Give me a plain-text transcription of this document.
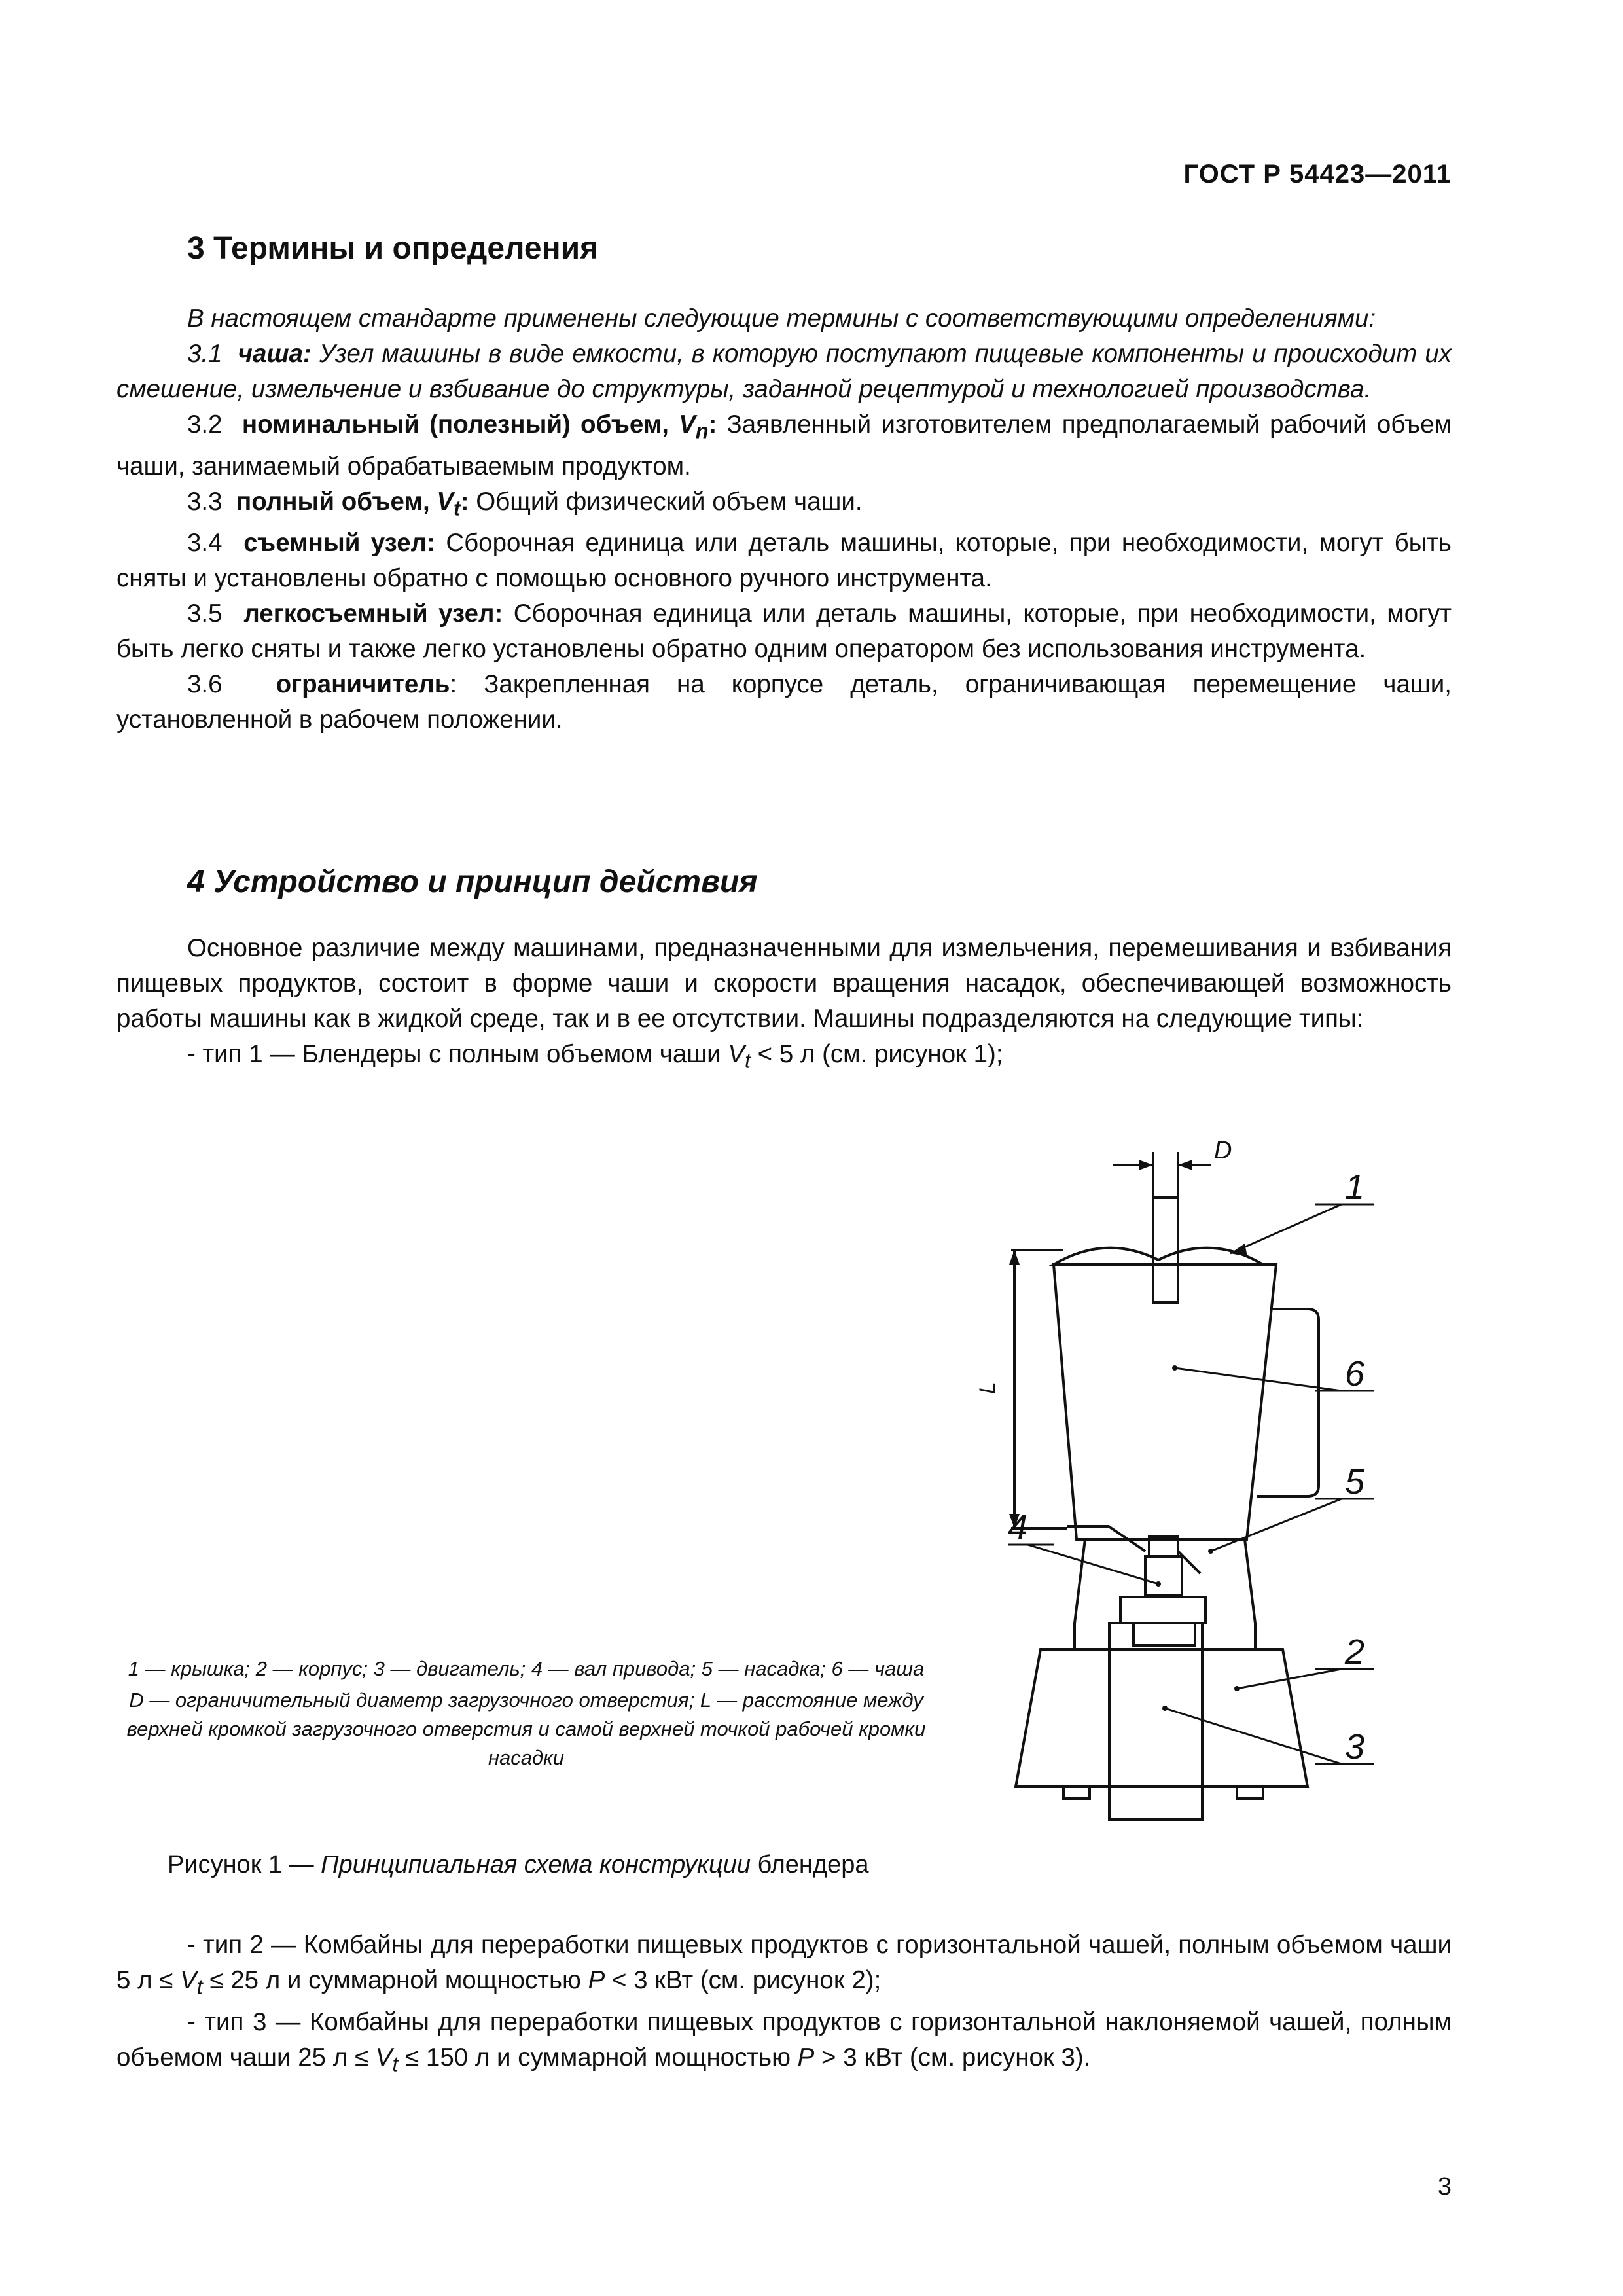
ГОСТ Р 54423—2011
3 Термины и определения

В настоящем стандарте применены следующие термины с соответствующими определениями:

3.1 чаша: Узел машины в виде емкости, в которую поступают пищевые компоненты и происходит их смешение, измельчение и взбивание до структуры, заданной рецептурой и технологией производства.

3.2 номинальный (полезный) объем, $V_n$: Заявленный изготовителем предполагаемый рабочий объем чаши, занимаемый обрабатываемым продуктом.

3.3 полный объем, $V_t$: Общий физический объем чаши.

3.4 съемный узел: Сборочная единица или деталь машины, которые, при необходимости, могут быть сняты и установлены обратно с помощью основного ручного инструмента.

3.5 легкосъемный узел: Сборочная единица или деталь машины, которые, при необходимости, могут быть легко сняты и также легко установлены обратно одним оператором без использования инструмента.

3.6 ограничитель: Закрепленная на корпусе деталь, ограничивающая перемещение чаши, установленной в рабочем положении.

4 Устройство и принцип действия

Основное различие между машинами, предназначенными для измельчения, перемешивания и взбивания пищевых продуктов, состоит в форме чаши и скорости вращения насадок, обеспечивающей возможность работы машины как в жидкой среде, так и в ее отсутствии. Машины подразделяются на следующие типы:

- тип 1 — Блендеры с полным объемом чаши $V_t < 5$ л (см. рисунок 1);

1
6
5
4
2
3
D
L

1 — крышка; 2 — корпус; 3 — двигатель; 4 — вал привода; 5 — насадка; 6 — чаша

D — ограничительный диаметр загрузочного отверстия; L — расстояние между верхней кромкой загрузочного отверстия и самой верхней точкой рабочей кромки насадки

Рисунок 1 — Принципиальная схема конструкции блендера

- тип 2 — Комбайны для переработки пищевых продуктов с горизонтальной чашей, полным объемом чаши 5 $л \le V_t \le 25$ л и суммарной мощностью P < 3 кВт (см. рисунок 2);

- тип 3 — Комбайны для переработки пищевых продуктов с горизонтальной наклоняемой чашей, полным объемом чаши 25 $л \le V_t \le 150$ л и суммарной мощностью P > 3 кВт (см. рисунок 3).

3
